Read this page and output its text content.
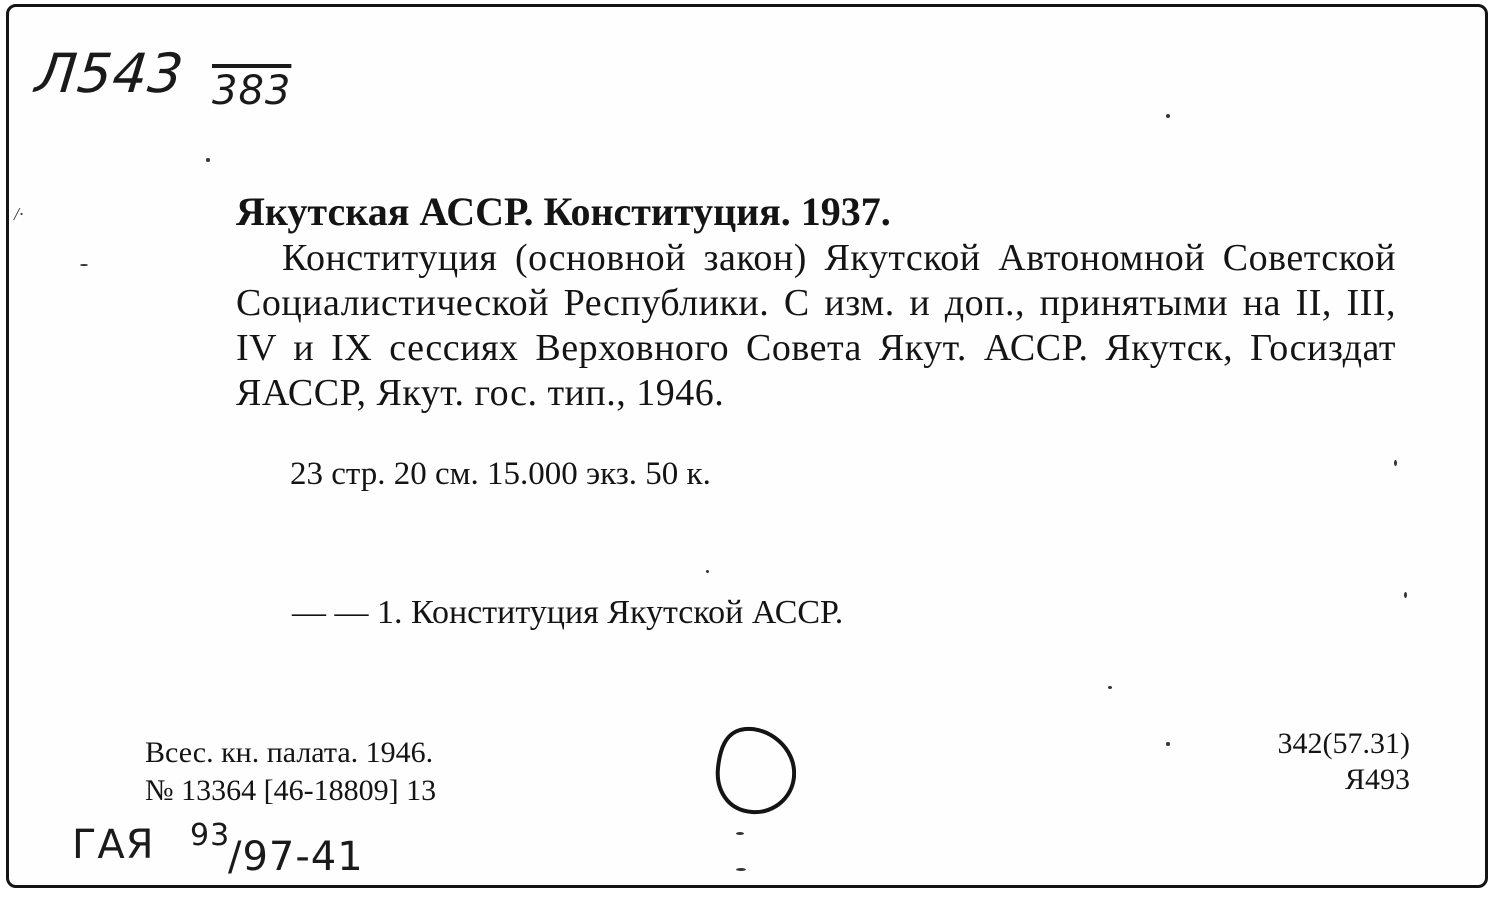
Л543 383
/·	Якутская АССР. Конституция. 1937.
Конституция (основной закон) Якутской Автономной Советской Социалистической Республики. С изм. и доп., принятыми на II, III, IV и IX сессиях Верховного Совета Якут. АССР. Якутск, Госиздат ЯАССР, Якут. гос. тип., 1946.
23 стр. 20 см. 15.000 экз. 50 к.
— — 1. Конституция Якутской АССР.
Всес. кн. палата. 1946.
№ 13364 [46-18809] 13
342(57.31)
Я493
ГАЯ 93
/97-41
